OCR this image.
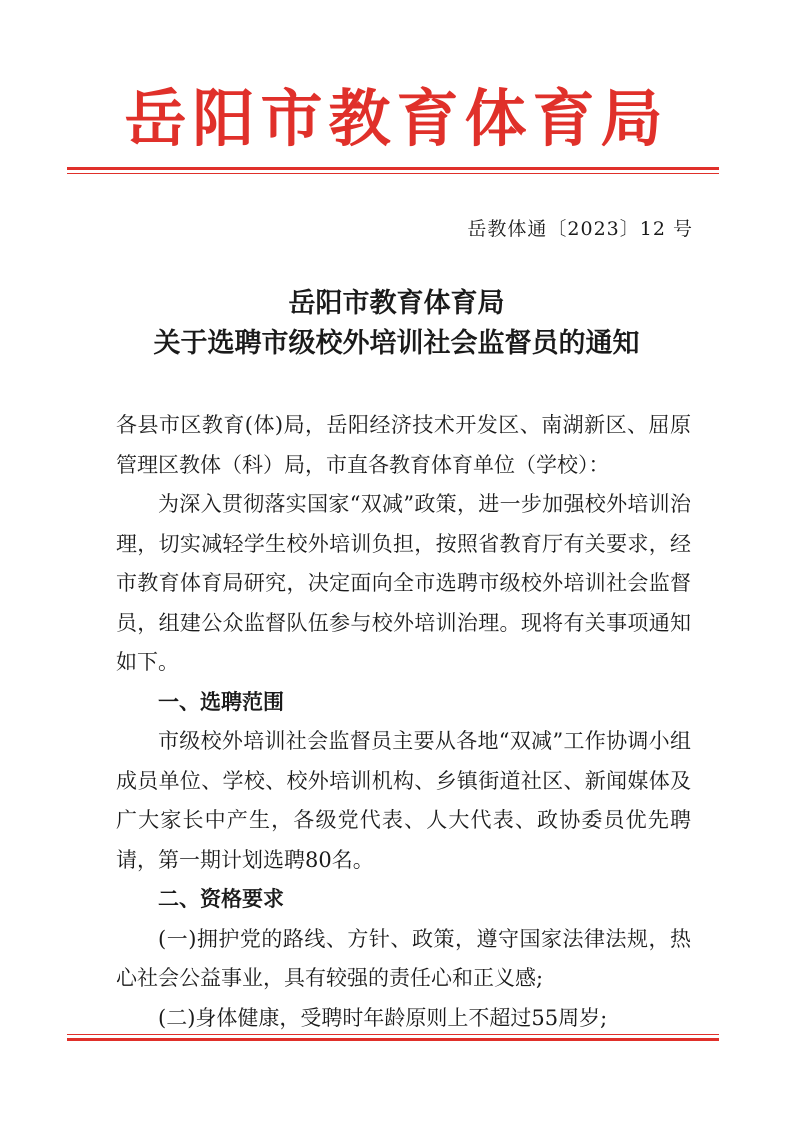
岳阳市教育体育局
岳教体通〔2023〕12 号
岳阳市教育体育局
关于选聘市级校外培训社会监督员的通知

各县市区教育(体)局，岳阳经济技术开发区、南湖新区、屈原管理区教体（科）局，市直各教育体育单位（学校）：

为深入贯彻落实国家“双减”政策，进一步加强校外培训治理，切实减轻学生校外培训负担，按照省教育厅有关要求，经市教育体育局研究，决定面向全市选聘市级校外培训社会监督员，组建公众监督队伍参与校外培训治理。现将有关事项通知如下。

一、选聘范围

市级校外培训社会监督员主要从各地“双减”工作协调小组成员单位、学校、校外培训机构、乡镇街道社区、新闻媒体及广大家长中产生，各级党代表、人大代表、政协委员优先聘请，第一期计划选聘80名。

二、资格要求

(一)拥护党的路线、方针、政策，遵守国家法律法规，热心社会公益事业，具有较强的责任心和正义感;

(二)身体健康，受聘时年龄原则上不超过55周岁;
